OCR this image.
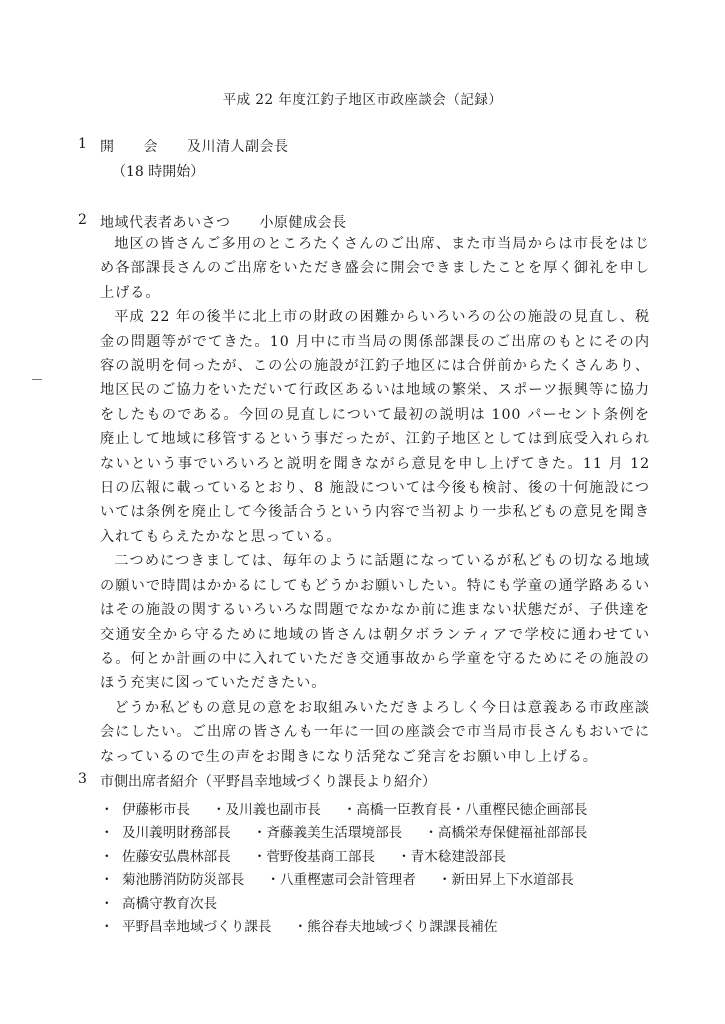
平成 22 年度江釣子地区市政座談会（記録）
1 開　　会　　及川清人副会長
（18 時開始）
2 地域代表者あいさつ　　小原健成会長

地区の皆さんご多用のところたくさんのご出席、また市当局からは市長をはじめ各部課長さんのご出席をいただき盛会に開会できましたことを厚く御礼を申し上げる。

平成 22 年の後半に北上市の財政の困難からいろいろの公の施設の見直し、税金の問題等がでてきた。10 月中に市当局の関係部課長のご出席のもとにその内容の説明を伺ったが、この公の施設が江釣子地区には合併前からたくさんあり、地区民のご協力をいただいて行政区あるいは地域の繁栄、スポーツ振興等に協力をしたものである。今回の見直しについて最初の説明は 100 パーセント条例を廃止して地域に移管するという事だったが、江釣子地区としては到底受入れられないという事でいろいろと説明を聞きながら意見を申し上げてきた。11 月 12 日の広報に載っているとおり、8 施設については今後も検討、後の十何施設については条例を廃止して今後話合うという内容で当初より一歩私どもの意見を聞き入れてもらえたかなと思っている。

二つめにつきましては、毎年のように話題になっているが私どもの切なる地域の願いで時間はかかるにしてもどうかお願いしたい。特にも学童の通学路あるいはその施設の関するいろいろな問題でなかなか前に進まない状態だが、子供達を交通安全から守るために地域の皆さんは朝夕ボランティアで学校に通わせている。何とか計画の中に入れていただき交通事故から学童を守るためにその施設のほう充実に図っていただきたい。

どうか私どもの意見の意をお取組みいただきよろしく今日は意義ある市政座談会にしたい。ご出席の皆さんも一年に一回の座談会で市当局市長さんもおいでになっているので生の声をお聞きになり活発なご発言をお願い申し上げる。

3 市側出席者紹介（平野昌幸地域づくり課長より紹介）
・ 伊藤彬市長 ・及川義也副市長 ・高橋一臣教育長・八重樫民徳企画部長
・ 及川義明財務部長 ・斉藤義美生活環境部長 ・高橋栄寿保健福祉部部長
・ 佐藤安弘農林部長 ・菅野俊基商工部長 ・青木稔建設部長
・ 菊池勝消防防災部長 ・八重樫憲司会計管理者 ・新田昇上下水道部長
・ 高橋守教育次長
・ 平野昌幸地域づくり課長 ・熊谷春夫地域づくり課課長補佐
